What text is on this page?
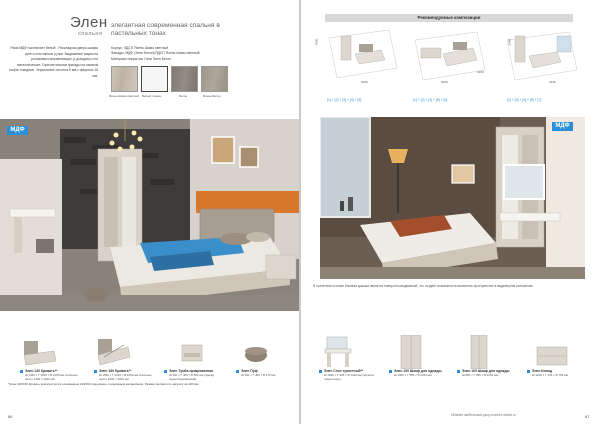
Элен
спальня
элегантная современная спальня в пастельных тонах
Рами МДФ поставляет белый - Раскладная дверь шкафа купе и стеклянные ручки. Выдвижные ящики на роликовых направляющих (с доводом) и на металлических. Горизонтальные фасады на газовом лифте откидные. Зеркальные полотна 6 мм с фацетом 15 мм.
Корпус: ЛДСП Ясень Шимо светлый
Фасады: МДФ (Элен Бетон)/ЛДСП Ясень Шимо светлый
Материал покрытия: Гала Элен Бетон
Ясень Шимо светлый	Белый глянец	Бетон	Ясень Бетон
МДФ
Элен 140 Кровать**
Ш 1456 × Г 2045 × В 1059 мм спальное место 1400 × 2000 мм
Элен 160 Кровать**
Ш 1656 × Г 2045 × В 1059 мм спальное место 1600 × 2000 мм
Элен Тумба прикроватная
Ш 450 × Г 405 × В 500 мм (фасад переоткидываемый)
Элен Пуф
Ш 450 × Г 450 × В 470 мм
*Элен 140/160 Кровать комплектуется основанием 140/160 подъёмное, подъёмным механизмом. Размер матраса по запросу на 190 мм.
66
Рекомендуемые композиции
1800
2400
[1] + [2] + [3] + [4] + [5]
4940
2200
[1] + [2] + [4] + [5] + [6]
5400
3240
[2] + [3] + [4] + [5] + [7]
МДФ
В туалетном столике боковая крышка является поворотно-выдвижной, что создаёт возможность выхватить пространство в выдвинутом положении.
Элен Стол туалетный**
Ш 1060 × Г 495 × В 1422 мм (зеркало поворотное)
Элен 100 Шкаф для одежды
Ш 1000 × Г 595 × В 2254 мм
Элен 100 Шкаф для одежды
Ш 800 × Г 595 × В 2254 мм
Элен Комод
Ш 1200 × Г 445 × В 793 мм
eMarket мебельный двор market.media.ru	67
